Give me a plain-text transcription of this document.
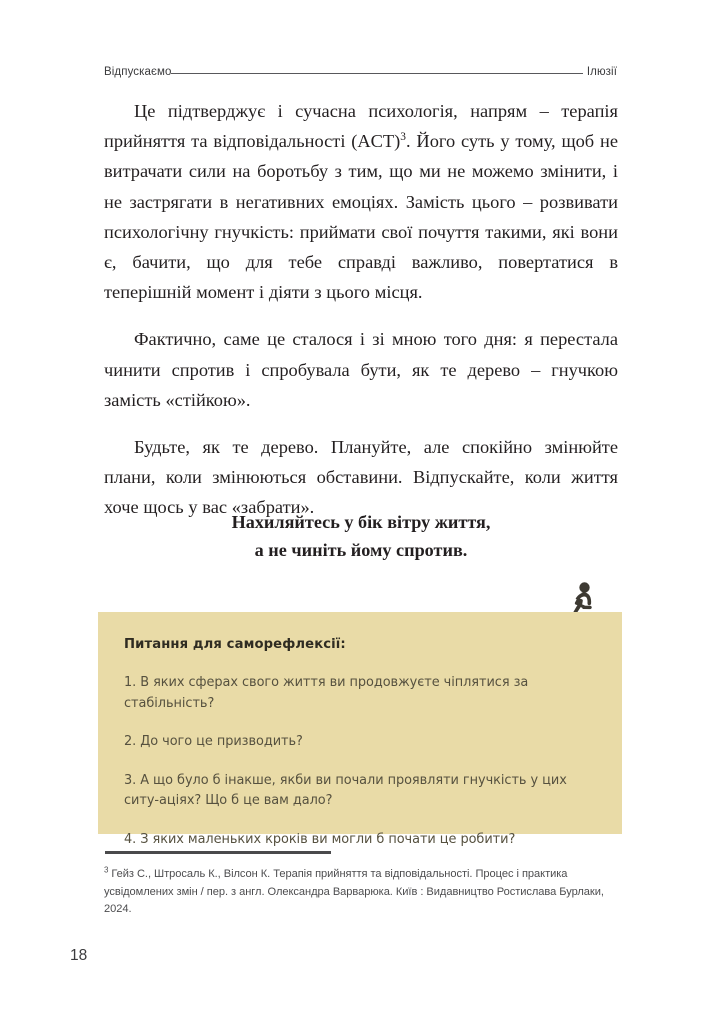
Відпускаємо	Ілюзії

Це підтверджує і сучасна психологія, напрям – терапія прийняття та відповідальності (ACT)$^3$. Його суть у тому, щоб не витрачати сили на боротьбу з тим, що ми не можемо змінити, і не застрягати в негативних емоціях. Замість цього – розвивати психологічну гнучкість: приймати свої почуття такими, які вони є, бачити, що для тебе справді важливо, повертатися в теперішній момент і діяти з цього місця.

Фактично, саме це сталося і зі мною того дня: я перестала чинити спротив і спробувала бути, як те дерево – гнучкою замість «стійкою».

Будьте, як те дерево. Плануйте, але спокійно змінюйте плани, коли змінюються обставини. Відпускайте, коли життя хоче щось у вас «забрати».

Нахиляйтесь у бік вітру життя,
а не чиніть йому спротив.
Питання для саморефлексії:
1. В яких сферах свого життя ви продовжуєте чіплятися за стабільність?
2. До чого це призводить?
3. А що було б інакше, якби ви почали проявляти гнучкість у цих ситу-аціях? Що б це вам дало?
4. З яких маленьких кроків ви могли б почати це робити?
$^3$ Гейз С., Штросаль К., Вілсон К. Терапія прийняття та відповідальності. Процес і практика усвідомлених змін / пер. з англ. Олександра Варварюка. Київ : Видавництво Ростислава Бурлаки, 2024.
18
